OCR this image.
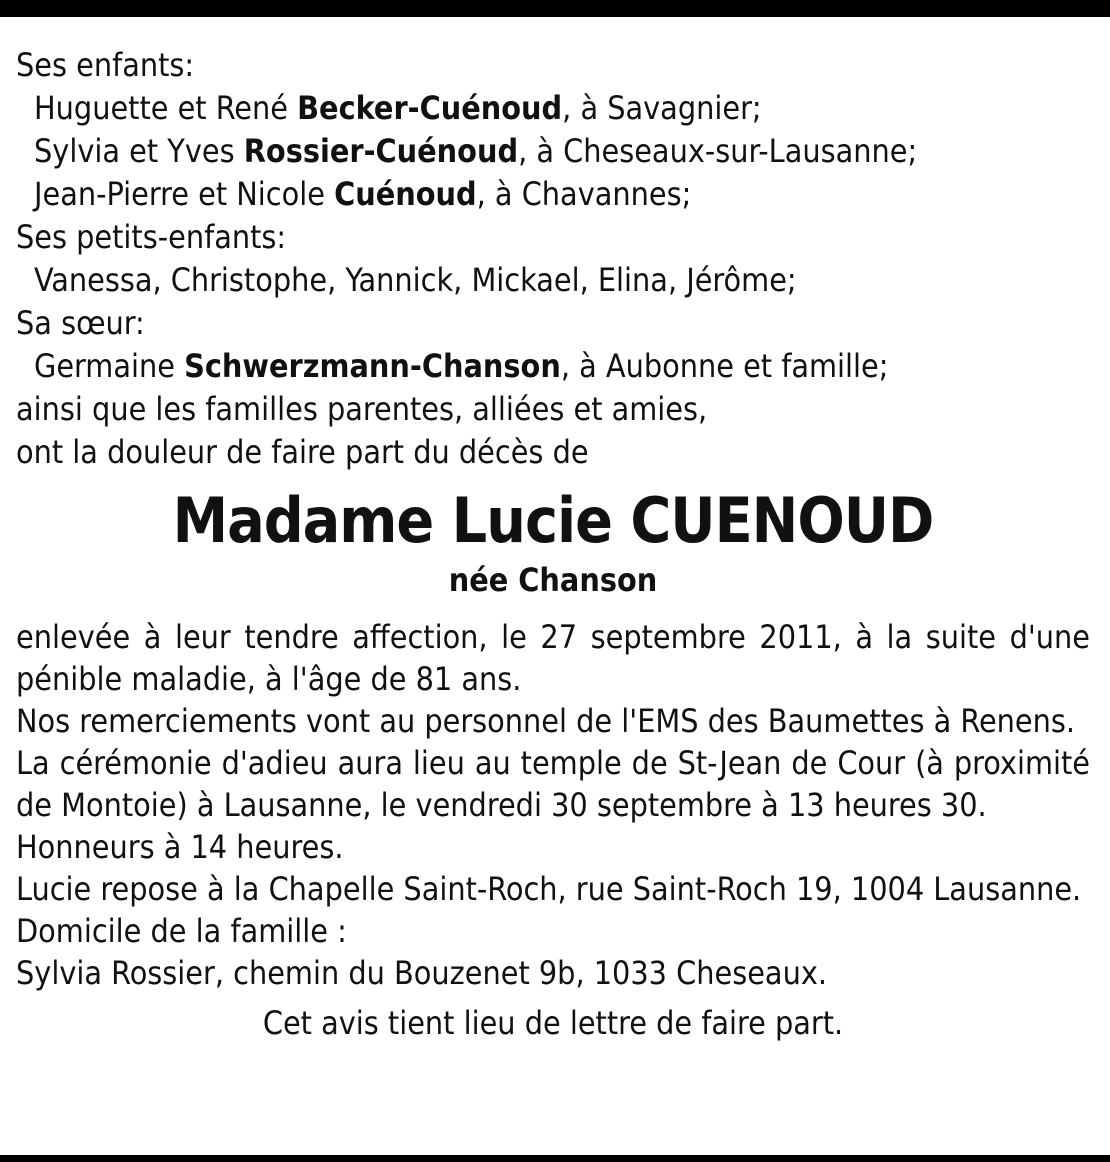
Ses enfants:
Huguette et René Becker-Cuénoud, à Savagnier;
Sylvia et Yves Rossier-Cuénoud, à Cheseaux-sur-Lausanne;
Jean-Pierre et Nicole Cuénoud, à Chavannes;
Ses petits-enfants:
Vanessa, Christophe, Yannick, Mickael, Elina, Jérôme;
Sa sœur:
Germaine Schwerzmann-Chanson, à Aubonne et famille;
ainsi que les familles parentes, alliées et amies,
ont la douleur de faire part du décès de
Madame Lucie CUENOUD
née Chanson
enlevée à leur tendre affection, le 27 septembre 2011, à la suite d'une pénible maladie, à l'âge de 81 ans.
Nos remerciements vont au personnel de l'EMS des Baumettes à Renens.
La cérémonie d'adieu aura lieu au temple de St-Jean de Cour (à proximité de Montoie) à Lausanne, le vendredi 30 septembre à 13 heures 30.
Honneurs à 14 heures.
Lucie repose à la Chapelle Saint-Roch, rue Saint-Roch 19, 1004 Lausanne.
Domicile de la famille :
Sylvia Rossier, chemin du Bouzenet 9b, 1033 Cheseaux.
Cet avis tient lieu de lettre de faire part.
